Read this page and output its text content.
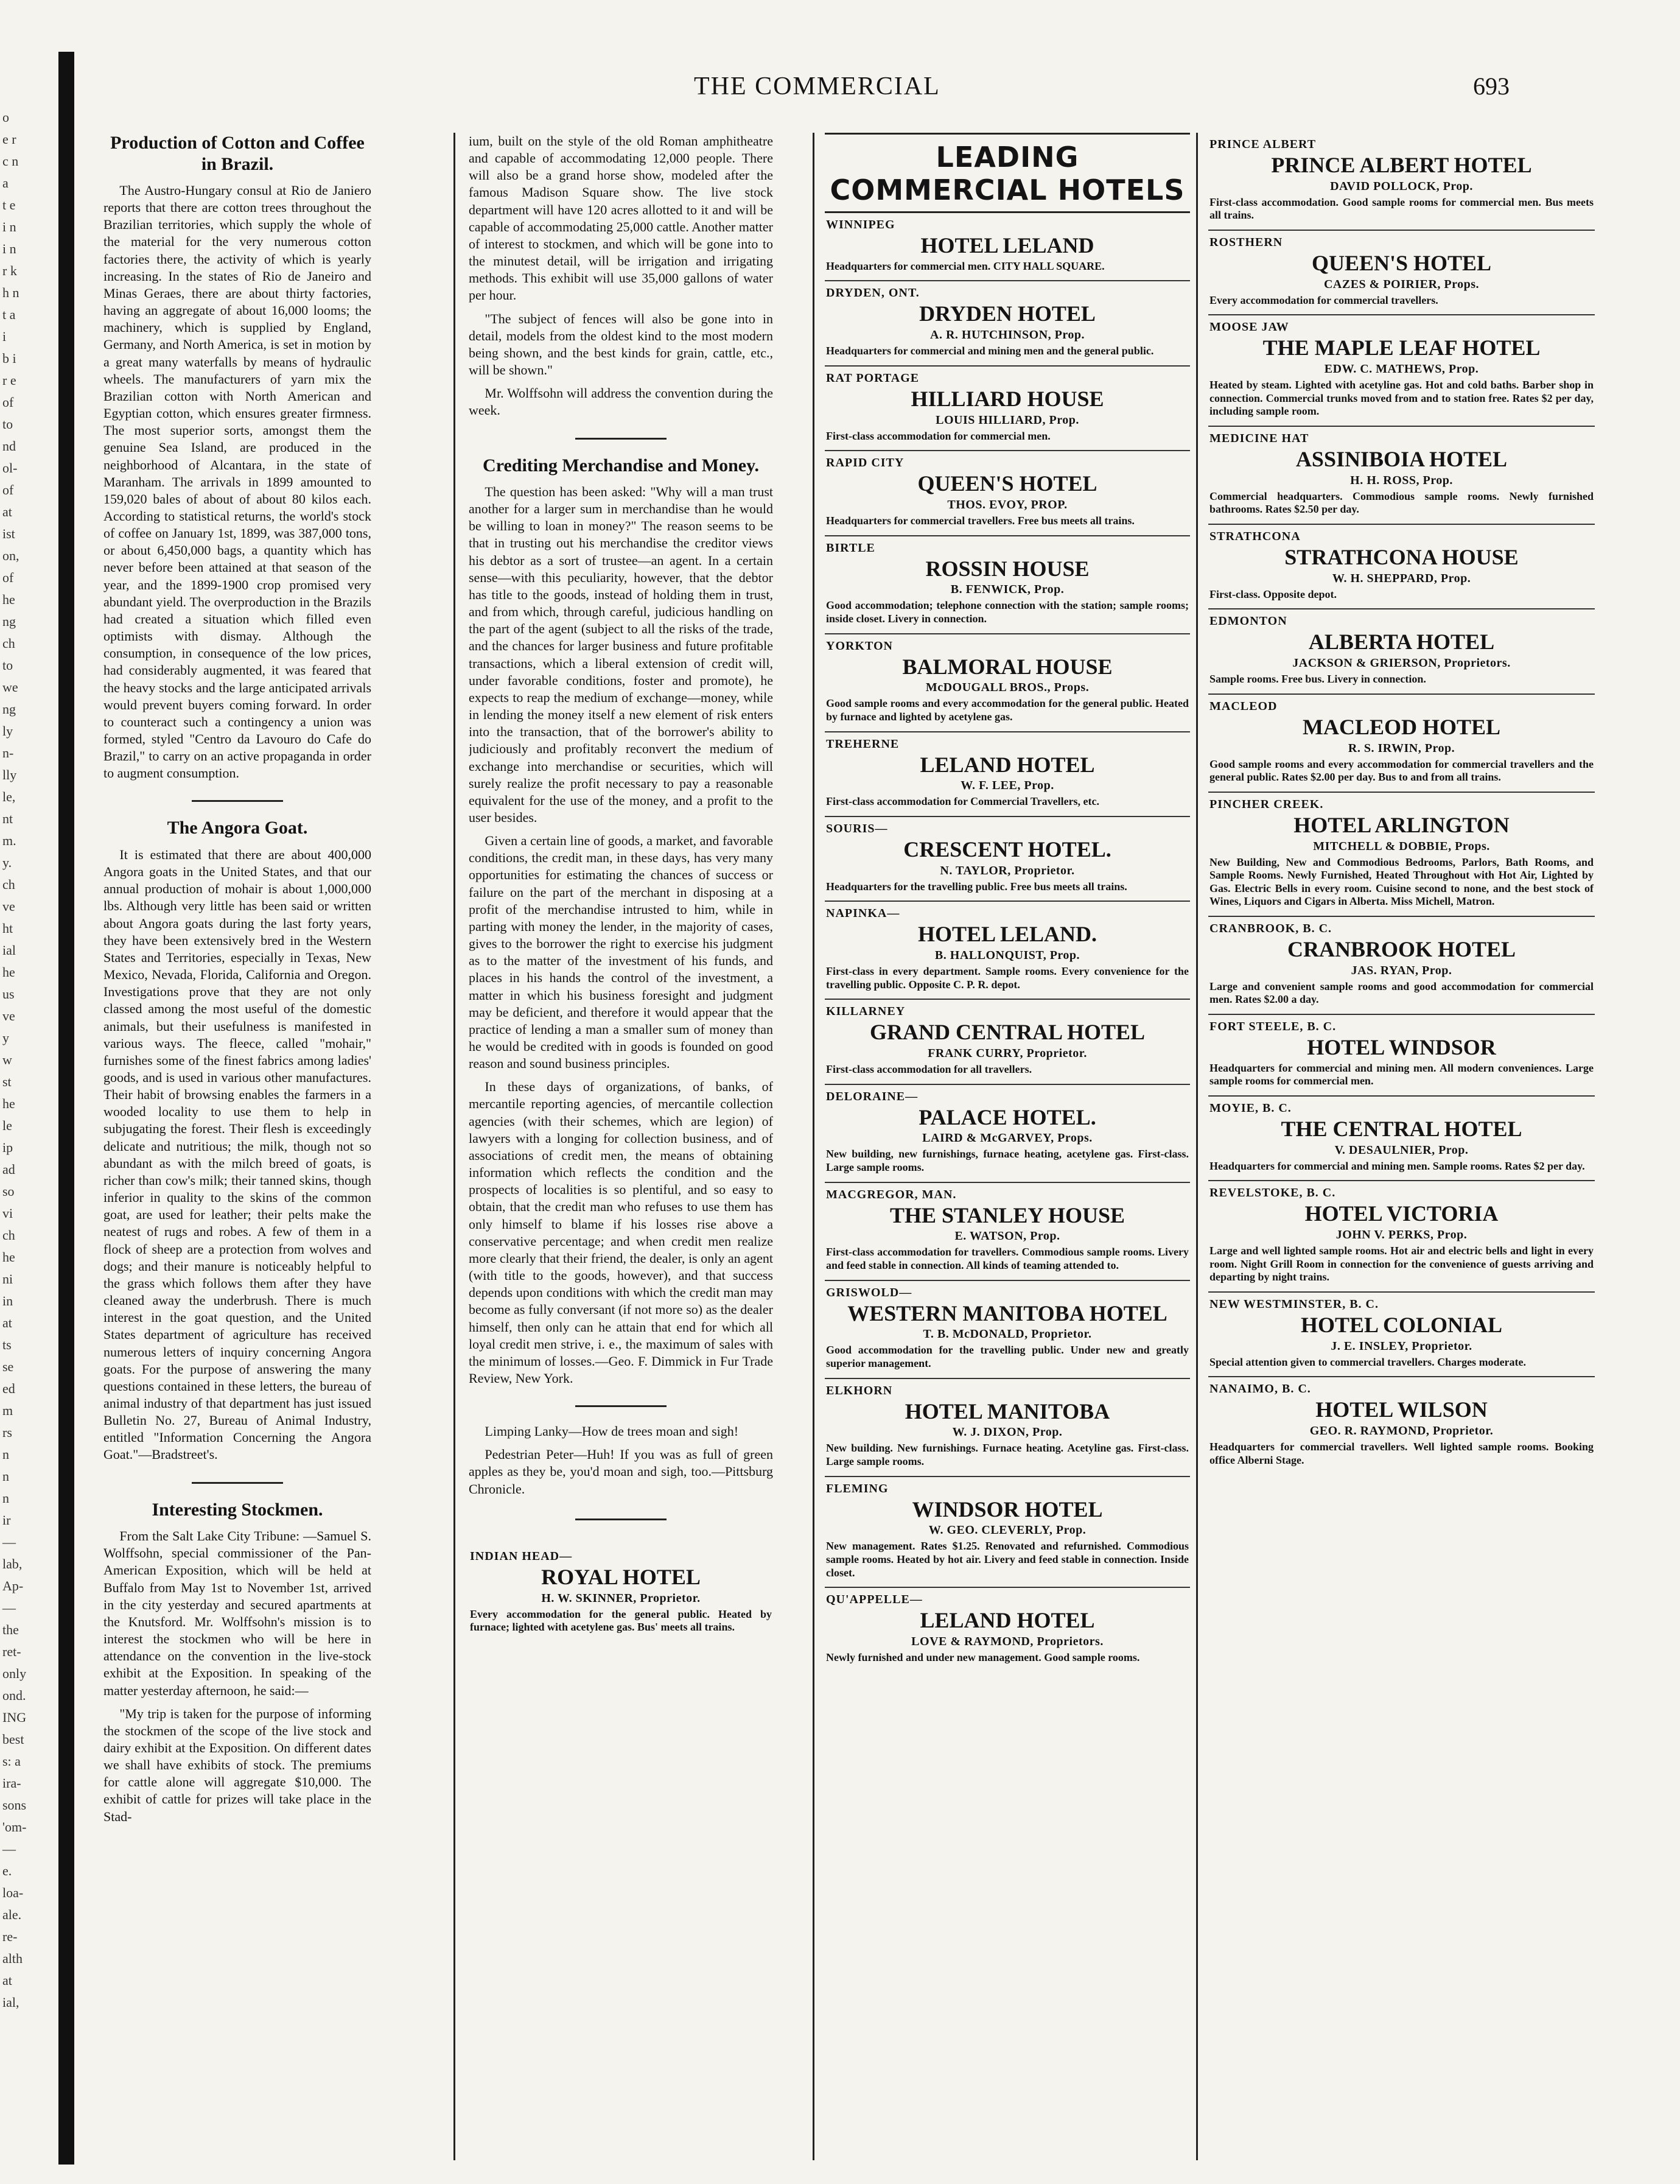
o
e r
c n
a
t e
i n
i n
r k
h n
t a
i
b i
r e
of
to
nd
ol-
of
at
ist
on,
of
he
ng
ch
to
we
ng
ly
n-
lly
le,
nt
m.
y.
ch
ve
ht
ial
he
us
ve
y
w
st
he
le
ip
ad
so
vi
ch
he
ni
in
at
ts
se
ed
m
rs
n
n
n
ir
—
lab,
Ap-
—
the
ret-
only
ond.
ING
best
s: a
ira-
sons
'om-
—
e.
loa-
ale.
re-
alth
at
ial,
THE COMMERCIAL	693
Production of Cotton and Coffee in Brazil.

The Austro-Hungary consul at Rio de Janiero reports that there are cotton trees throughout the Brazilian territories, which supply the whole of the material for the very numerous cotton factories there, the activity of which is yearly increasing. In the states of Rio de Janeiro and Minas Geraes, there are about thirty factories, having an aggregate of about 16,000 looms; the machinery, which is supplied by England, Germany, and North America, is set in motion by a great many waterfalls by means of hydraulic wheels. The manufacturers of yarn mix the Brazilian cotton with North American and Egyptian cotton, which ensures greater firmness. The most superior sorts, amongst them the genuine Sea Island, are produced in the neighborhood of Alcantara, in the state of Maranham. The arrivals in 1899 amounted to 159,020 bales of about of about 80 kilos each. According to statistical returns, the world's stock of coffee on January 1st, 1899, was 387,000 tons, or about 6,450,000 bags, a quantity which has never before been attained at that season of the year, and the 1899-1900 crop promised very abundant yield. The overproduction in the Brazils had created a situation which filled even optimists with dismay. Although the consumption, in consequence of the low prices, had considerably augmented, it was feared that the heavy stocks and the large anticipated arrivals would prevent buyers coming forward. In order to counteract such a contingency a union was formed, styled "Centro da Lavouro do Cafe do Brazil," to carry on an active propaganda in order to augment consumption.

The Angora Goat.

It is estimated that there are about 400,000 Angora goats in the United States, and that our annual production of mohair is about 1,000,000 lbs. Although very little has been said or written about Angora goats during the last forty years, they have been extensively bred in the Western States and Territories, especially in Texas, New Mexico, Nevada, Florida, California and Oregon. Investigations prove that they are not only classed among the most useful of the domestic animals, but their usefulness is manifested in various ways. The fleece, called "mohair," furnishes some of the finest fabrics among ladies' goods, and is used in various other manufactures. Their habit of browsing enables the farmers in a wooded locality to use them to help in subjugating the forest. Their flesh is exceedingly delicate and nutritious; the milk, though not so abundant as with the milch breed of goats, is richer than cow's milk; their tanned skins, though inferior in quality to the skins of the common goat, are used for leather; their pelts make the neatest of rugs and robes. A few of them in a flock of sheep are a protection from wolves and dogs; and their manure is noticeably helpful to the grass which follows them after they have cleaned away the underbrush. There is much interest in the goat question, and the United States department of agriculture has received numerous letters of inquiry concerning Angora goats. For the purpose of answering the many questions contained in these letters, the bureau of animal industry of that department has just issued Bulletin No. 27, Bureau of Animal Industry, entitled "Information Concerning the Angora Goat."—Bradstreet's.

Interesting Stockmen.

From the Salt Lake City Tribune: —Samuel S. Wolffsohn, special commissioner of the Pan-American Exposition, which will be held at Buffalo from May 1st to November 1st, arrived in the city yesterday and secured apartments at the Knutsford. Mr. Wolffsohn's mission is to interest the stockmen who will be here in attendance on the convention in the live-stock exhibit at the Exposition. In speaking of the matter yesterday afternoon, he said:—

"My trip is taken for the purpose of informing the stockmen of the scope of the live stock and dairy exhibit at the Exposition. On different dates we shall have exhibits of stock. The premiums for cattle alone will aggregate $10,000. The exhibit of cattle for prizes will take place in the Stad-

ium, built on the style of the old Roman amphitheatre and capable of accommodating 12,000 people. There will also be a grand horse show, modeled after the famous Madison Square show. The live stock department will have 120 acres allotted to it and will be capable of accommodating 25,000 cattle. Another matter of interest to stockmen, and which will be gone into to the minutest detail, will be irrigation and irrigating methods. This exhibit will use 35,000 gallons of water per hour.

"The subject of fences will also be gone into in detail, models from the oldest kind to the most modern being shown, and the best kinds for grain, cattle, etc., will be shown."

Mr. Wolffsohn will address the convention during the week.

Crediting Merchandise and Money.

The question has been asked: "Why will a man trust another for a larger sum in merchandise than he would be willing to loan in money?" The reason seems to be that in trusting out his merchandise the creditor views his debtor as a sort of trustee—an agent. In a certain sense—with this peculiarity, however, that the debtor has title to the goods, instead of holding them in trust, and from which, through careful, judicious handling on the part of the agent (subject to all the risks of the trade, and the chances for larger business and future profitable transactions, which a liberal extension of credit will, under favorable conditions, foster and promote), he expects to reap the medium of exchange—money, while in lending the money itself a new element of risk enters into the transaction, that of the borrower's ability to judiciously and profitably reconvert the medium of exchange into merchandise or securities, which will surely realize the profit necessary to pay a reasonable equivalent for the use of the money, and a profit to the user besides.

Given a certain line of goods, a market, and favorable conditions, the credit man, in these days, has very many opportunities for estimating the chances of success or failure on the part of the merchant in disposing at a profit of the merchandise intrusted to him, while in parting with money the lender, in the majority of cases, gives to the borrower the right to exercise his judgment as to the matter of the investment of his funds, and places in his hands the control of the investment, a matter in which his business foresight and judgment may be deficient, and therefore it would appear that the practice of lending a man a smaller sum of money than he would be credited with in goods is founded on good reason and sound business principles.

In these days of organizations, of banks, of mercantile reporting agencies, of mercantile collection agencies (with their schemes, which are legion) of lawyers with a longing for collection business, and of associations of credit men, the means of obtaining information which reflects the condition and the prospects of localities is so plentiful, and so easy to obtain, that the credit man who refuses to use them has only himself to blame if his losses rise above a conservative percentage; and when credit men realize more clearly that their friend, the dealer, is only an agent (with title to the goods, however), and that success depends upon conditions with which the credit man may become as fully conversant (if not more so) as the dealer himself, then only can he attain that end for which all loyal credit men strive, i. e., the maximum of sales with the minimum of losses.—Geo. F. Dimmick in Fur Trade Review, New York.

Limping Lanky—How de trees moan and sigh!

Pedestrian Peter—Huh! If you was as full of green apples as they be, you'd moan and sigh, too.—Pittsburg Chronicle.

INDIAN HEAD—
ROYAL HOTEL
H. W. SKINNER, Proprietor.
Every accommodation for the general public. Heated by furnace; lighted with acetylene gas. Bus' meets all trains.
LEADING COMMERCIAL HOTELS
WINNIPEG
HOTEL LELAND
Headquarters for commercial men. CITY HALL SQUARE.
DRYDEN, ONT.
DRYDEN HOTEL
A. R. HUTCHINSON, Prop.
Headquarters for commercial and mining men and the general public.
RAT PORTAGE
HILLIARD HOUSE
LOUIS HILLIARD, Prop.
First-class accommodation for commercial men.
RAPID CITY
QUEEN'S HOTEL
THOS. EVOY, PROP.
Headquarters for commercial travellers. Free bus meets all trains.
BIRTLE
ROSSIN HOUSE
B. FENWICK, Prop.
Good accommodation; telephone connection with the station; sample rooms; inside closet. Livery in connection.
YORKTON
BALMORAL HOUSE
McDOUGALL BROS., Props.
Good sample rooms and every accommodation for the general public. Heated by furnace and lighted by acetylene gas.
TREHERNE
LELAND HOTEL
W. F. LEE, Prop.
First-class accommodation for Commercial Travellers, etc.
SOURIS—
CRESCENT HOTEL.
N. TAYLOR, Proprietor.
Headquarters for the travelling public. Free bus meets all trains.
NAPINKA—
HOTEL LELAND.
B. HALLONQUIST, Prop.
First-class in every department. Sample rooms. Every convenience for the travelling public. Opposite C. P. R. depot.
KILLARNEY
GRAND CENTRAL HOTEL
FRANK CURRY, Proprietor.
First-class accommodation for all travellers.
DELORAINE—
PALACE HOTEL.
LAIRD & McGARVEY, Props.
New building, new furnishings, furnace heating, acetylene gas. First-class. Large sample rooms.
MACGREGOR, MAN.
THE STANLEY HOUSE
E. WATSON, Prop.
First-class accommodation for travellers. Commodious sample rooms. Livery and feed stable in connection. All kinds of teaming attended to.
GRISWOLD—
WESTERN MANITOBA HOTEL
T. B. McDONALD, Proprietor.
Good accommodation for the travelling public. Under new and greatly superior management.
ELKHORN
HOTEL MANITOBA
W. J. DIXON, Prop.
New building. New furnishings. Furnace heating. Acetyline gas. First-class. Large sample rooms.
FLEMING
WINDSOR HOTEL
W. GEO. CLEVERLY, Prop.
New management. Rates $1.25. Renovated and refurnished. Commodious sample rooms. Heated by hot air. Livery and feed stable in connection. Inside closet.
QU'APPELLE—
LELAND HOTEL
LOVE & RAYMOND, Proprietors.
Newly furnished and under new management. Good sample rooms.
PRINCE ALBERT
PRINCE ALBERT HOTEL
DAVID POLLOCK, Prop.
First-class accommodation. Good sample rooms for commercial men. Bus meets all trains.
ROSTHERN
QUEEN'S HOTEL
CAZES & POIRIER, Props.
Every accommodation for commercial travellers.
MOOSE JAW
THE MAPLE LEAF HOTEL
EDW. C. MATHEWS, Prop.
Heated by steam. Lighted with acetyline gas. Hot and cold baths. Barber shop in connection. Commercial trunks moved from and to station free. Rates $2 per day, including sample room.
MEDICINE HAT
ASSINIBOIA HOTEL
H. H. ROSS, Prop.
Commercial headquarters. Commodious sample rooms. Newly furnished bathrooms. Rates $2.50 per day.
STRATHCONA
STRATHCONA HOUSE
W. H. SHEPPARD, Prop.
First-class. Opposite depot.
EDMONTON
ALBERTA HOTEL
JACKSON & GRIERSON, Proprietors.
Sample rooms. Free bus. Livery in connection.
MACLEOD
MACLEOD HOTEL
R. S. IRWIN, Prop.
Good sample rooms and every accommodation for commercial travellers and the general public. Rates $2.00 per day. Bus to and from all trains.
PINCHER CREEK.
HOTEL ARLINGTON
MITCHELL & DOBBIE, Props.
New Building, New and Commodious Bedrooms, Parlors, Bath Rooms, and Sample Rooms. Newly Furnished, Heated Throughout with Hot Air, Lighted by Gas. Electric Bells in every room. Cuisine second to none, and the best stock of Wines, Liquors and Cigars in Alberta. Miss Michell, Matron.
CRANBROOK, B. C.
CRANBROOK HOTEL
JAS. RYAN, Prop.
Large and convenient sample rooms and good accommodation for commercial men. Rates $2.00 a day.
FORT STEELE, B. C.
HOTEL WINDSOR
Headquarters for commercial and mining men. All modern conveniences. Large sample rooms for commercial men.
MOYIE, B. C.
THE CENTRAL HOTEL
V. DESAULNIER, Prop.
Headquarters for commercial and mining men. Sample rooms. Rates $2 per day.
REVELSTOKE, B. C.
HOTEL VICTORIA
JOHN V. PERKS, Prop.
Large and well lighted sample rooms. Hot air and electric bells and light in every room. Night Grill Room in connection for the convenience of guests arriving and departing by night trains.
NEW WESTMINSTER, B. C.
HOTEL COLONIAL
J. E. INSLEY, Proprietor.
Special attention given to commercial travellers. Charges moderate.
NANAIMO, B. C.
HOTEL WILSON
GEO. R. RAYMOND, Proprietor.
Headquarters for commercial travellers. Well lighted sample rooms. Booking office Alberni Stage.
